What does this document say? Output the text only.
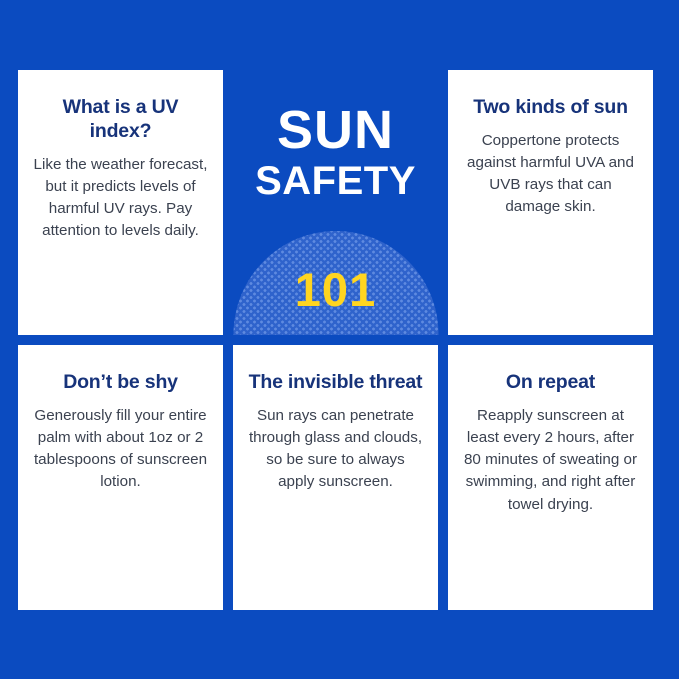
What is a UV index?

Like the weather forecast, but it predicts levels of harmful UV rays. Pay attention to levels daily.

SUN
SAFETY
101
Two kinds of sun

Coppertone protects against harmful UVA and UVB rays that can damage skin.

Don’t be shy

Generously fill your entire palm with about 1oz or 2 tablespoons of sunscreen lotion.

The invisible threat

Sun rays can penetrate through glass and clouds, so be sure to always apply sunscreen.

On repeat

Reapply sunscreen at least every 2 hours, after 80 minutes of sweating or swimming, and right after towel drying.
